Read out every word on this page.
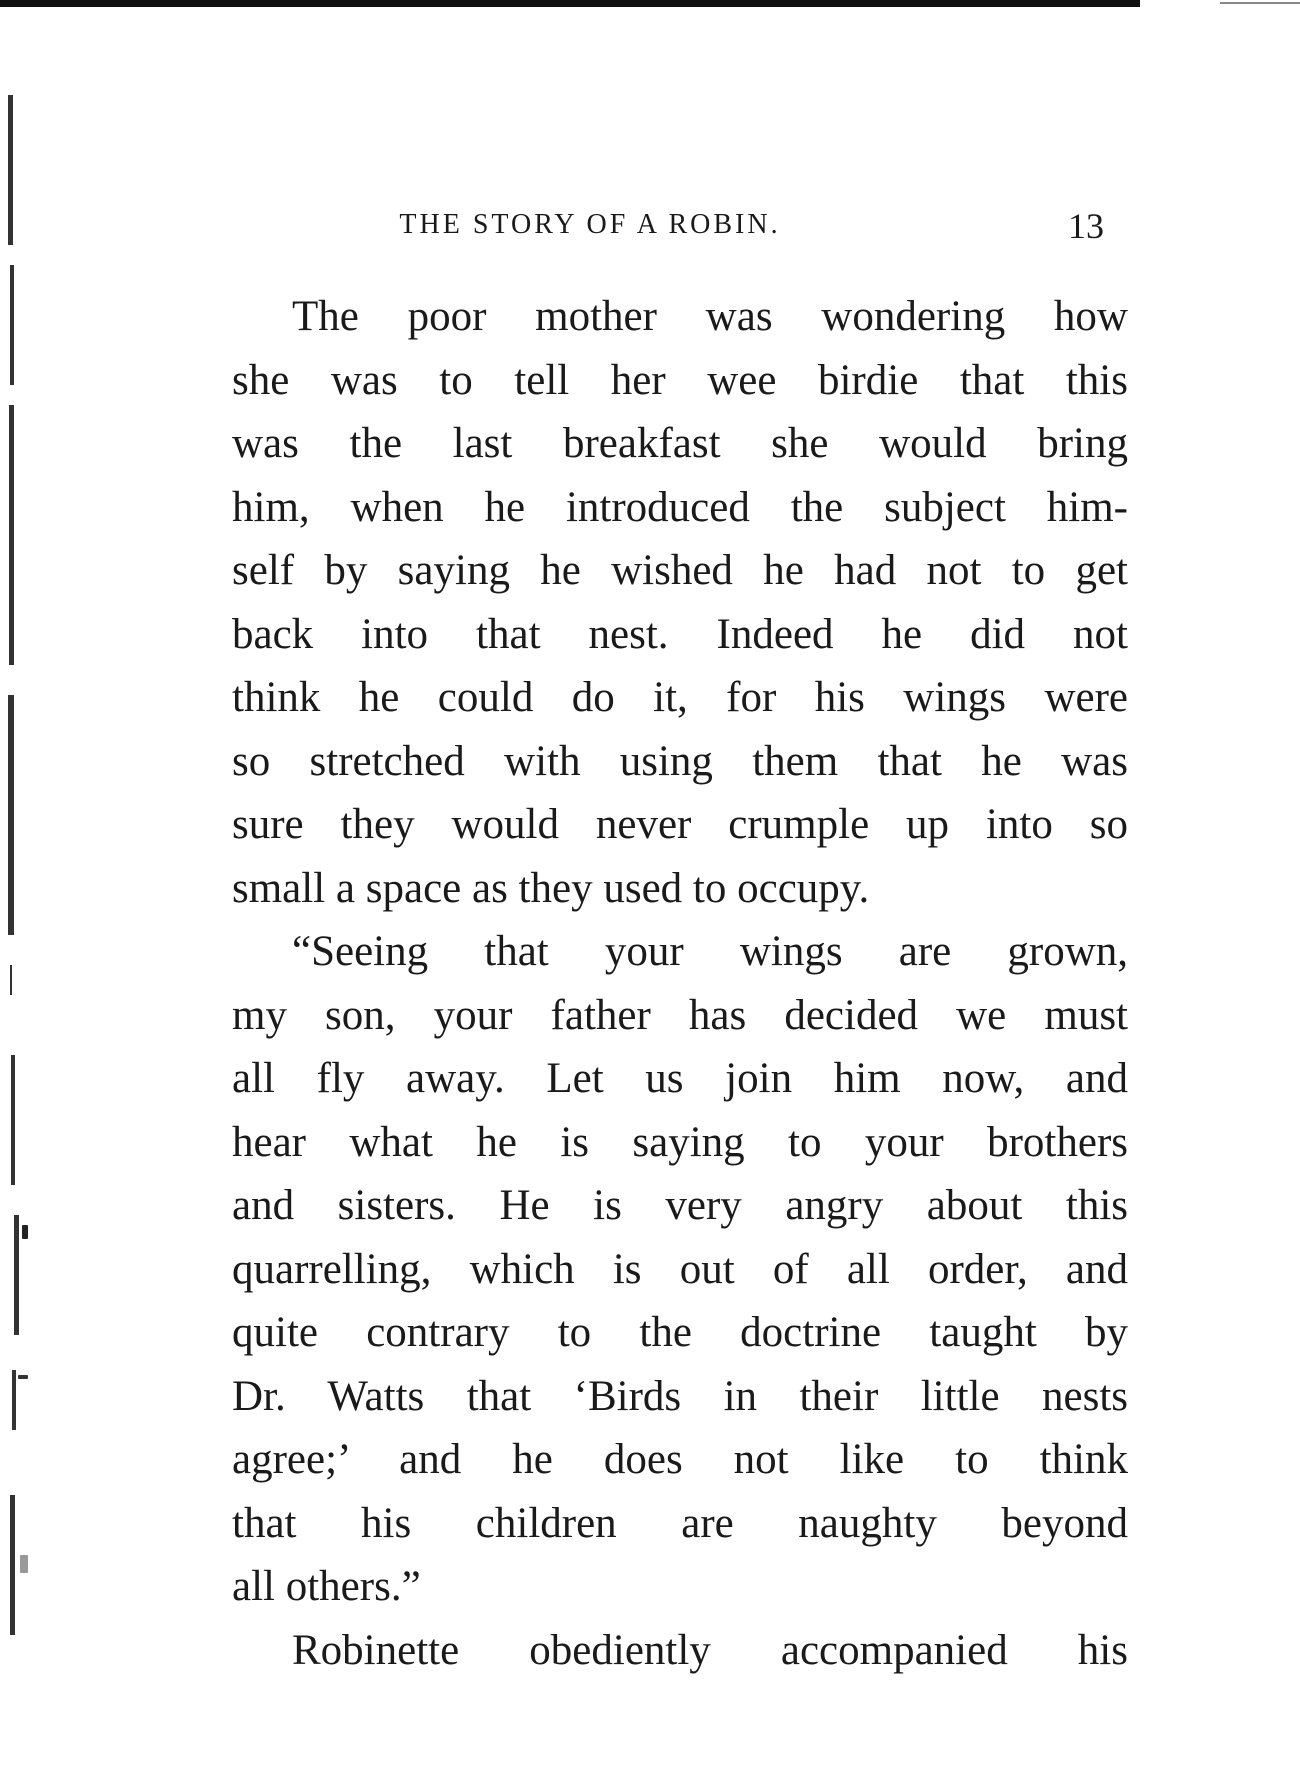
THE STORY OF A ROBIN.	13
The poor mother was wondering how
she was to tell her wee birdie that this
was the last breakfast she would bring
him, when he introduced the subject him-
self by saying he wished he had not to get
back into that nest. Indeed he did not
think he could do it, for his wings were
so stretched with using them that he was
sure they would never crumple up into so
small a space as they used to occupy.
“Seeing that your wings are grown,
my son, your father has decided we must
all fly away. Let us join him now, and
hear what he is saying to your brothers
and sisters. He is very angry about this
quarrelling, which is out of all order, and
quite contrary to the doctrine taught by
Dr. Watts that ‘Birds in their little nests
agree;’ and he does not like to think
that his children are naughty beyond
all others.”
Robinette obediently accompanied his
